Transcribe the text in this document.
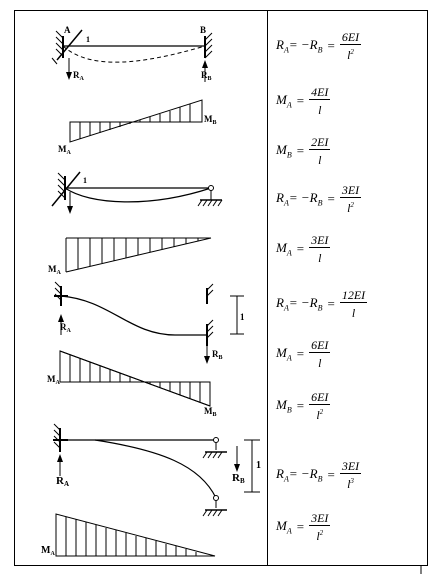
A
1
B
$R_A$	$R_B$
$M_A$
$M_B$
1
$M_A$
$R_A$
$R_B$
1
$M_A$
$M_B$
RA	RB
1
$M_A$
$R_A = -R_B = \frac{6EI}{l^2}$
$M_A = \frac{4EI}{l}$
$M_B = \frac{2EI}{l}$
$R_A = -R_B = \frac{3EI}{l^2}$
$M_A = \frac{3EI}{l}$
$R_A = -R_B = \frac{12EI}{l}$
$M_A = \frac{6EI}{l}$
$M_B = \frac{6EI}{l^2}$
$R_A = -R_B = \frac{3EI}{l^3}$
$M_A = \frac{3EI}{l^2}$
